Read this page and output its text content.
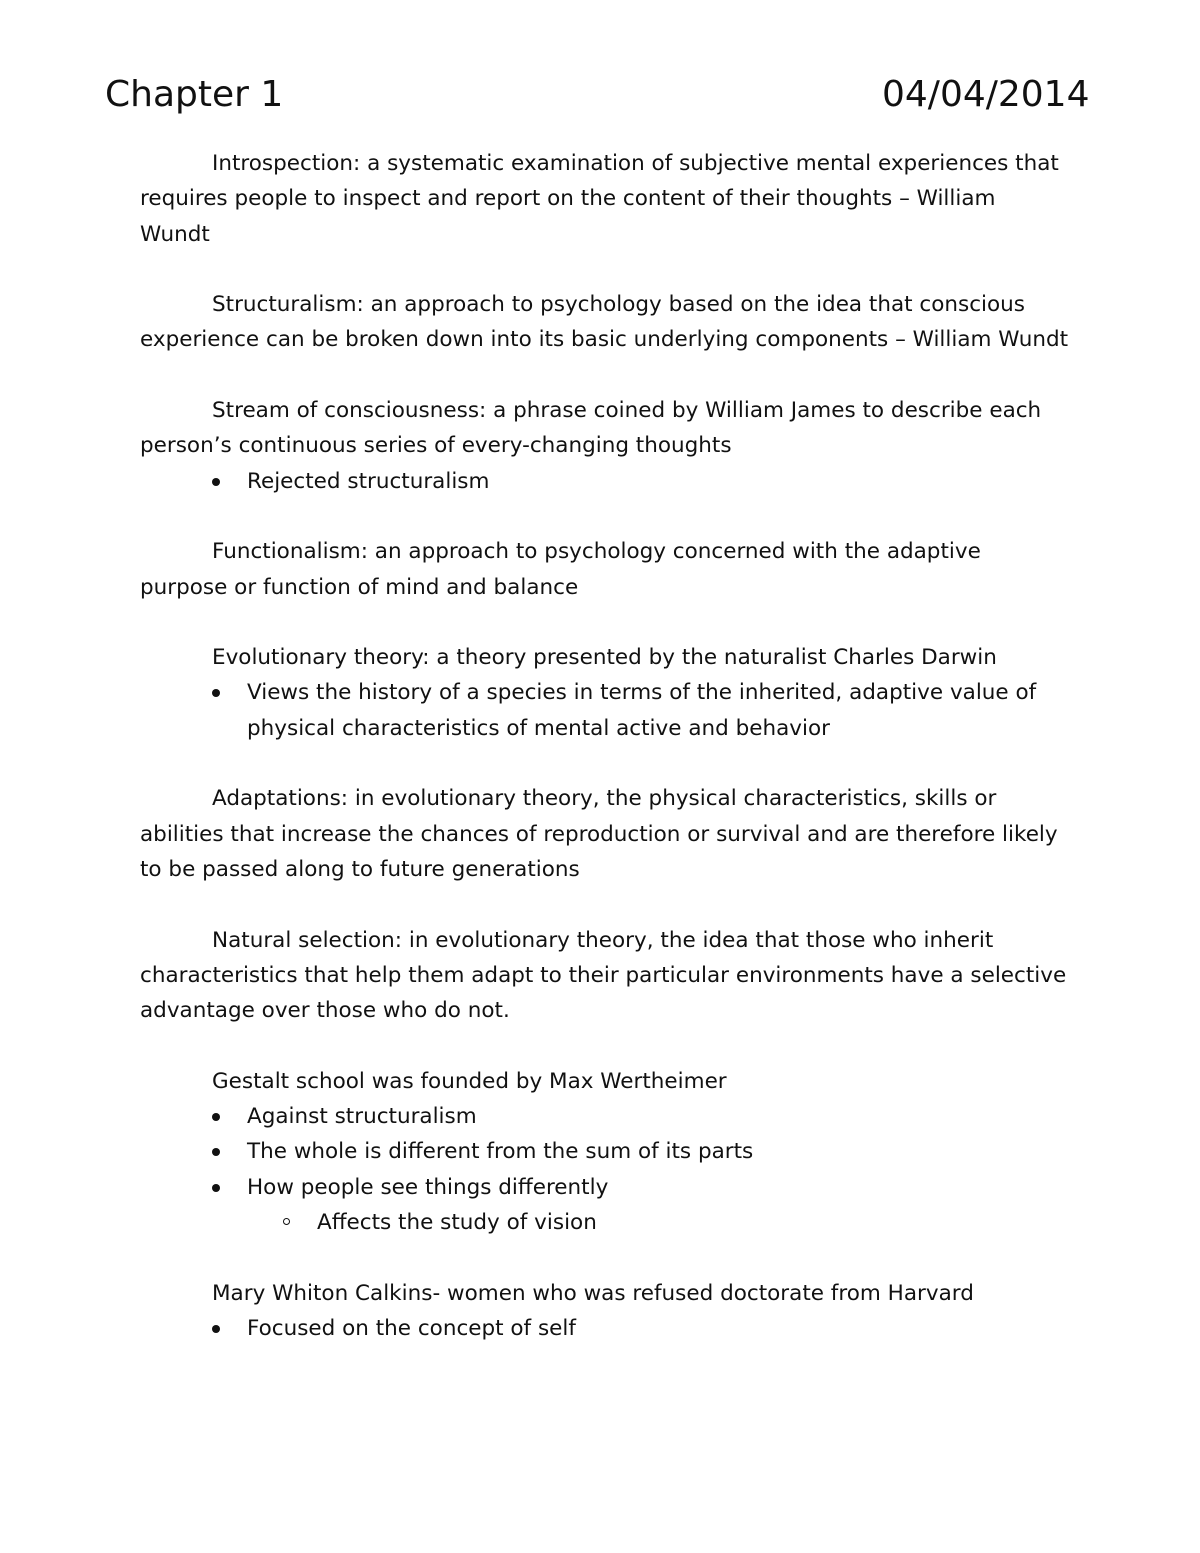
Chapter 1	04/04/2014

Introspection: a systematic examination of subjective mental experiences that requires people to inspect and report on the content of their thoughts – William Wundt

Structuralism: an approach to psychology based on the idea that conscious experience can be broken down into its basic underlying components – William Wundt

Stream of consciousness: a phrase coined by William James to describe each person’s continuous series of every-changing thoughts

Rejected structuralism

Functionalism: an approach to psychology concerned with the adaptive purpose or function of mind and balance

Evolutionary theory: a theory presented by the naturalist Charles Darwin

Views the history of a species in terms of the inherited, adaptive value of physical characteristics of mental active and behavior

Adaptations: in evolutionary theory, the physical characteristics, skills or abilities that increase the chances of reproduction or survival and are therefore likely to be passed along to future generations

Natural selection: in evolutionary theory, the idea that those who inherit characteristics that help them adapt to their particular environments have a selective advantage over those who do not.

Gestalt school was founded by Max Wertheimer

Against structuralism
The whole is different from the sum of its parts
How people see things differently
Affects the study of vision

Mary Whiton Calkins- women who was refused doctorate from Harvard

Focused on the concept of self
